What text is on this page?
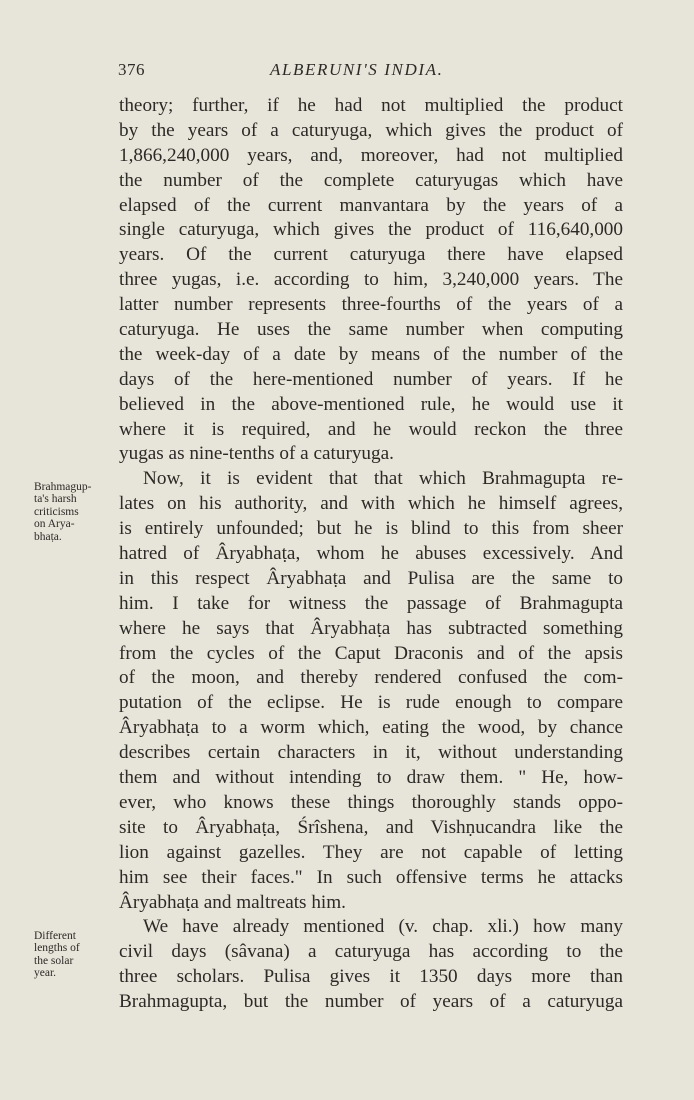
376	ALBERUNI'S INDIA.
theory; further, if he had not multiplied the product
by the years of a caturyuga, which gives the product of
1,866,240,000 years, and, moreover, had not multiplied
the number of the complete caturyugas which have
elapsed of the current manvantara by the years of a
single caturyuga, which gives the product of 116,640,000
years. Of the current caturyuga there have elapsed
three yugas, i.e. according to him, 3,240,000 years. The
latter number represents three-fourths of the years of a
caturyuga. He uses the same number when computing
the week-day of a date by means of the number of the
days of the here-mentioned number of years. If he
believed in the above-mentioned rule, he would use it
where it is required, and he would reckon the three
yugas as nine-tenths of a caturyuga.
Now, it is evident that that which Brahmagupta re-
lates on his authority, and with which he himself agrees,
is entirely unfounded; but he is blind to this from sheer
hatred of Âryabhaṭa, whom he abuses excessively. And
in this respect Âryabhaṭa and Pulisa are the same to
him. I take for witness the passage of Brahmagupta
where he says that Âryabhaṭa has subtracted something
from the cycles of the Caput Draconis and of the apsis
of the moon, and thereby rendered confused the com-
putation of the eclipse. He is rude enough to compare
Âryabhaṭa to a worm which, eating the wood, by chance
describes certain characters in it, without understanding
them and without intending to draw them. " He, how-
ever, who knows these things thoroughly stands oppo-
site to Âryabhaṭa, Śrîshena, and Vishṇucandra like the
lion against gazelles. They are not capable of letting
him see their faces." In such offensive terms he attacks
Âryabhaṭa and maltreats him.
We have already mentioned (v. chap. xli.) how many
civil days (sâvana) a caturyuga has according to the
three scholars. Pulisa gives it 1350 days more than
Brahmagupta, but the number of years of a caturyuga
Brahmagup-
ta's harsh
criticisms
on Arya-
bhaṭa.
Different
lengths of
the solar
year.
